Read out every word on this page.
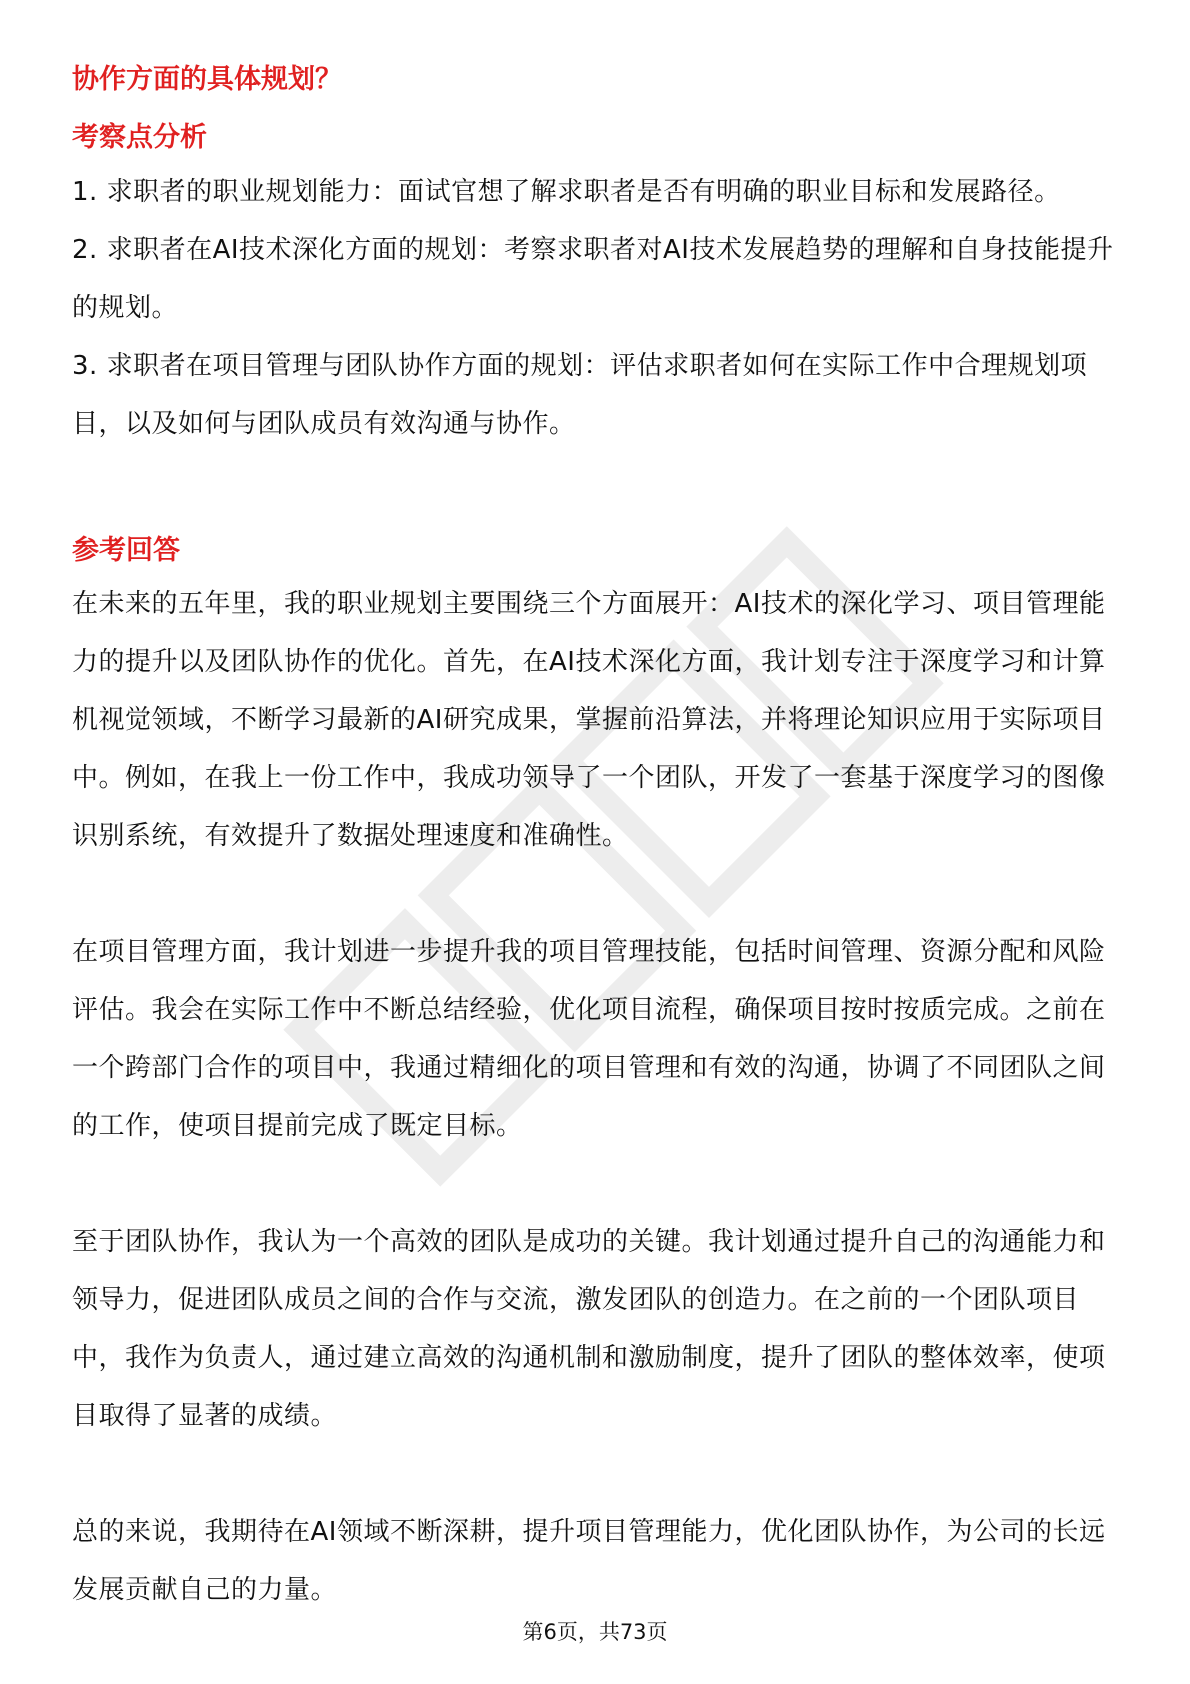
协作方面的具体规划？
考察点分析

1. 求职者的职业规划能力：面试官想了解求职者是否有明确的职业目标和发展路径。

2. 求职者在AI技术深化方面的规划：考察求职者对AI技术发展趋势的理解和自身技能提升的规划。

3. 求职者在项目管理与团队协作方面的规划：评估求职者如何在实际工作中合理规划项目，以及如何与团队成员有效沟通与协作。

参考回答

在未来的五年里，我的职业规划主要围绕三个方面展开：AI技术的深化学习、项目管理能力的提升以及团队协作的优化。首先，在AI技术深化方面，我计划专注于深度学习和计算机视觉领域，不断学习最新的AI研究成果，掌握前沿算法，并将理论知识应用于实际项目中。例如，在我上一份工作中，我成功领导了一个团队，开发了一套基于深度学习的图像识别系统，有效提升了数据处理速度和准确性。

在项目管理方面，我计划进一步提升我的项目管理技能，包括时间管理、资源分配和风险评估。我会在实际工作中不断总结经验，优化项目流程，确保项目按时按质完成。之前在一个跨部门合作的项目中，我通过精细化的项目管理和有效的沟通，协调了不同团队之间的工作，使项目提前完成了既定目标。

至于团队协作，我认为一个高效的团队是成功的关键。我计划通过提升自己的沟通能力和领导力，促进团队成员之间的合作与交流，激发团队的创造力。在之前的一个团队项目中，我作为负责人，通过建立高效的沟通机制和激励制度，提升了团队的整体效率，使项目取得了显著的成绩。

总的来说，我期待在AI领域不断深耕，提升项目管理能力，优化团队协作，为公司的长远发展贡献自己的力量。

第6页，共73页
